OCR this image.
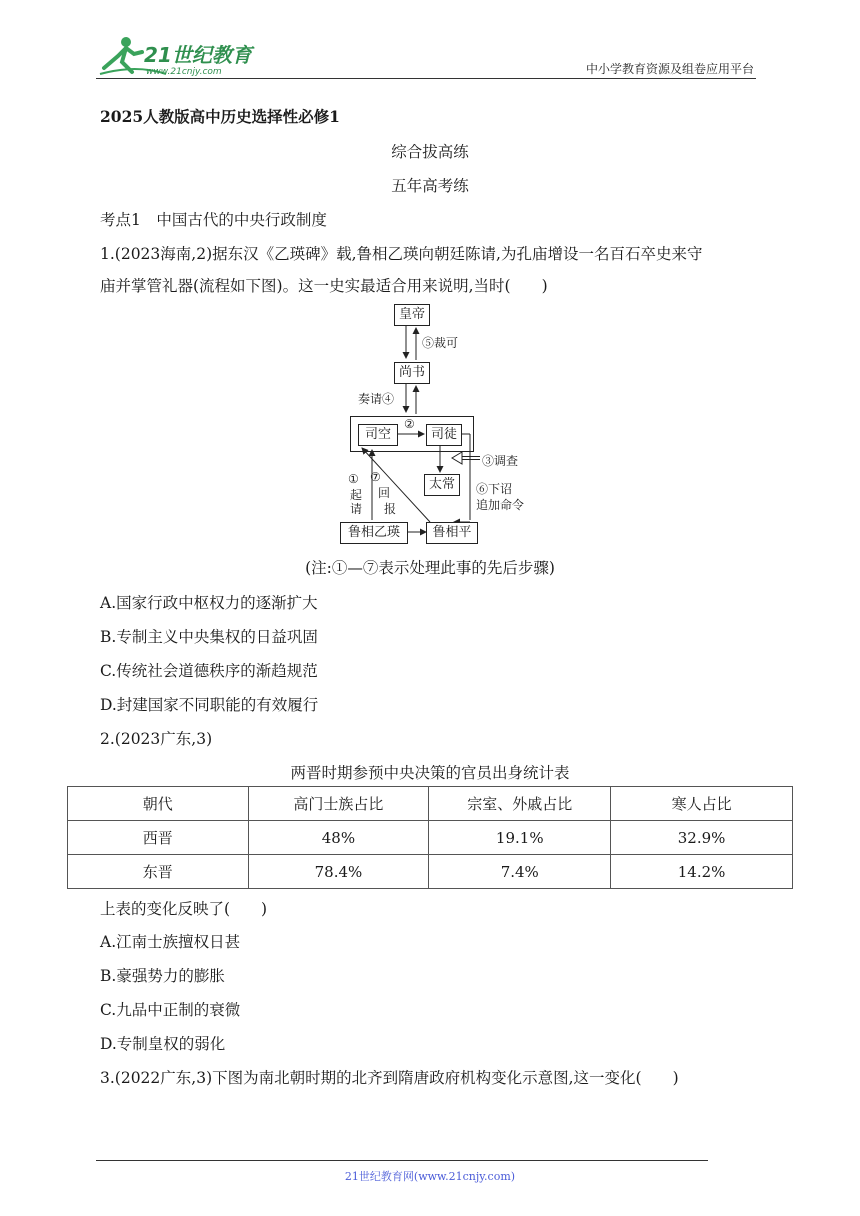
21世纪教育
www.21cnjy.com	中小学教育资源及组卷应用平台
2025人教版高中历史选择性必修1
综合拔高练
五年高考练
考点1　中国古代的中央行政制度
1.(2023海南,2)据东汉《乙瑛碑》载,鲁相乙瑛向朝廷陈请,为孔庙增设一名百石卒史来守
庙并掌管礼器(流程如下图)。这一史实最适合用来说明,当时(　　)
皇帝
尚书
司空	司徒
太常
鲁相乙瑛	鲁相平
⑤裁可
奏请④
②
③调查
⑥下诏
追加命令
①
起
请
⑦
回
报
(注:①—⑦表示处理此事的先后步骤)
A.国家行政中枢权力的逐渐扩大
B.专制主义中央集权的日益巩固
C.传统社会道德秩序的渐趋规范
D.封建国家不同职能的有效履行
2.(2023广东,3)
两晋时期参预中央决策的官员出身统计表
朝代	高门士族占比	宗室、外戚占比	寒人占比
西晋	48%	19.1%	32.9%
东晋	78.4%	7.4%	14.2%
上表的变化反映了(　　)
A.江南士族擅权日甚
B.豪强势力的膨胀
C.九品中正制的衰微
D.专制皇权的弱化
3.(2022广东,3)下图为南北朝时期的北齐到隋唐政府机构变化示意图,这一变化(　　)
21世纪教育网(www.21cnjy.com)
